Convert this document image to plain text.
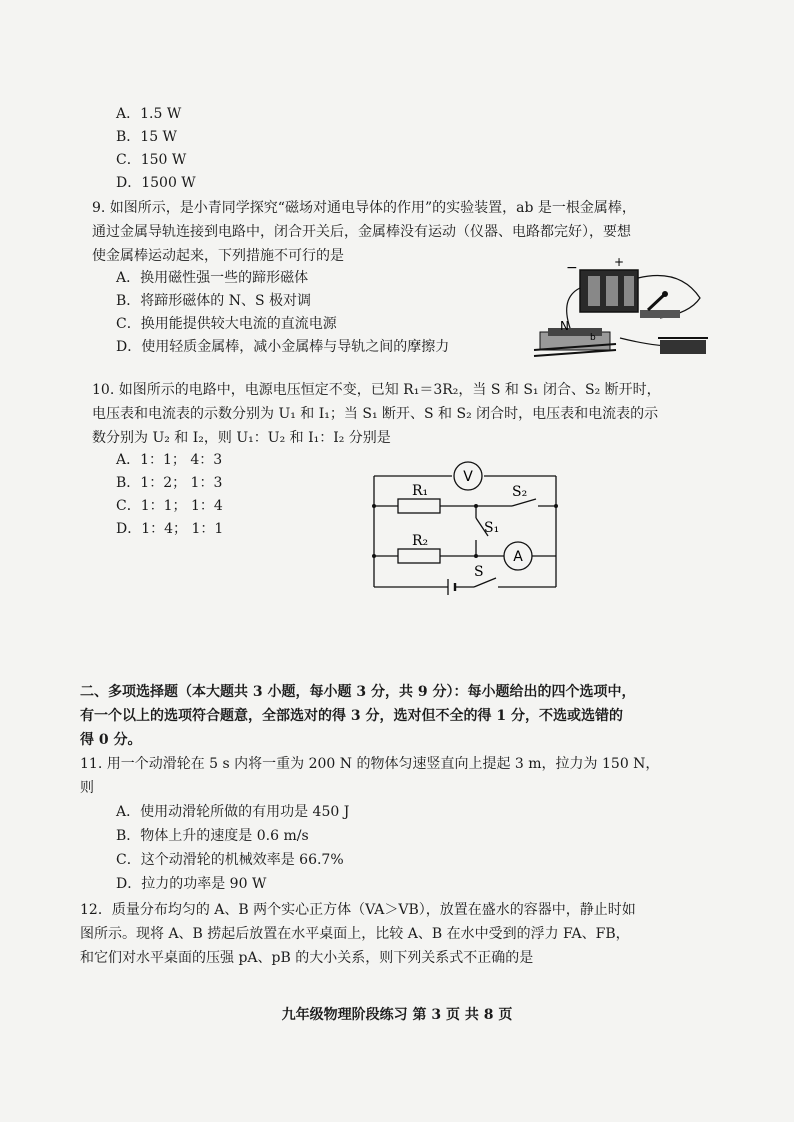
A．1.5 W
B．15 W
C．150 W
D．1500 W
9. 如图所示，是小青同学探究“磁场对通电导体的作用”的实验装置，ab 是一根金属棒，
通过金属导轨连接到电路中，闭合开关后，金属棒没有运动（仪器、电路都完好），要想
使金属棒运动起来，下列措施不可行的是
A．换用磁性强一些的蹄形磁体
B．将蹄形磁体的 N、S 极对调
C．换用能提供较大电流的直流电源
D．使用轻质金属棒，减小金属棒与导轨之间的摩擦力
−	+
N
b
10. 如图所示的电路中，电源电压恒定不变，已知 R₁＝3R₂，当 S 和 S₁ 闭合、S₂ 断开时，
电压表和电流表的示数分别为 U₁ 和 I₁；当 S₁ 断开、S 和 S₂ 闭合时，电压表和电流表的示
数分别为 U₂ 和 I₂，则 U₁：U₂ 和 I₁：I₂ 分别是
A．1：1； 4：3
B．1：2； 1：3
C．1：1； 1：4
D．1：4； 1：1
V
A
R₁
R₂
S₂
S₁
S
二、多项选择题（本大题共 3 小题，每小题 3 分，共 9 分）：每小题给出的四个选项中，
有一个以上的选项符合题意，全部选对的得 3 分，选对但不全的得 1 分，不选或选错的
得 0 分。
11. 用一个动滑轮在 5 s 内将一重为 200 N 的物体匀速竖直向上提起 3 m，拉力为 150 N，
则
A．使用动滑轮所做的有用功是 450 J
B．物体上升的速度是 0.6 m/s
C．这个动滑轮的机械效率是 66.7%
D．拉力的功率是 90 W
12．质量分布均匀的 A、B 两个实心正方体（VA＞VB），放置在盛水的容器中，静止时如
图所示。现将 A、B 捞起后放置在水平桌面上，比较 A、B 在水中受到的浮力 FA、FB，
和它们对水平桌面的压强 pA、pB 的大小关系，则下列关系式不正确的是
九年级物理阶段练习 第 3 页 共 8 页
